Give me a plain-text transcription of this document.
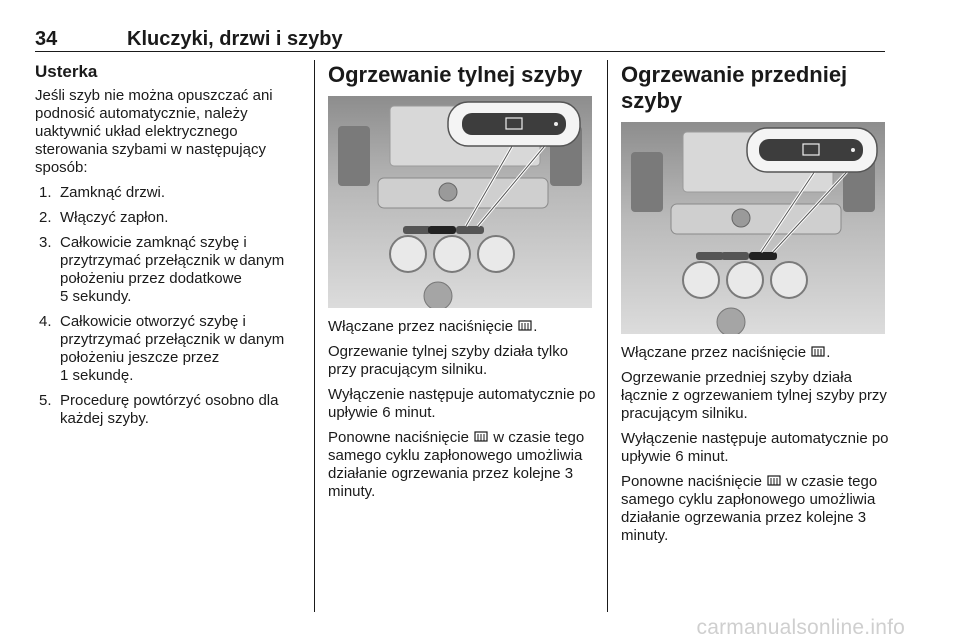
34	Kluczyki, drzwi i szyby
Usterka

Jeśli szyb nie można opuszczać ani podnosić automatycznie, należy uaktywnić układ elektrycznego sterowania szybami w następujący sposób:

1. Zamknąć drzwi.
2. Włączyć zapłon.
3. Całkowicie zamknąć szybę i przytrzymać przełącznik w danym położeniu przez dodatkowe
5 sekundy.
4. Całkowicie otworzyć szybę i przytrzymać przełącznik w danym położeniu jeszcze przez
1 sekundę.
5. Procedurę powtórzyć osobno dla każdej szyby.
Ogrzewanie tylnej szyby

Włączane przez naciśnięcie .

Ogrzewanie tylnej szyby działa tylko przy pracującym silniku.

Wyłączenie następuje automatycznie po upływie 6 minut.

Ponowne naciśnięcie w czasie tego samego cyklu zapłonowego umożliwia działanie ogrzewania przez kolejne 3 minuty.

Ogrzewanie przedniej szyby

Włączane przez naciśnięcie .

Ogrzewanie przedniej szyby działa łącznie z ogrzewaniem tylnej szyby przy pracującym silniku.

Wyłączenie następuje automatycznie po upływie 6 minut.

Ponowne naciśnięcie w czasie tego samego cyklu zapłonowego umożliwia działanie ogrzewania przez kolejne 3 minuty.

carmanualsonline.info
